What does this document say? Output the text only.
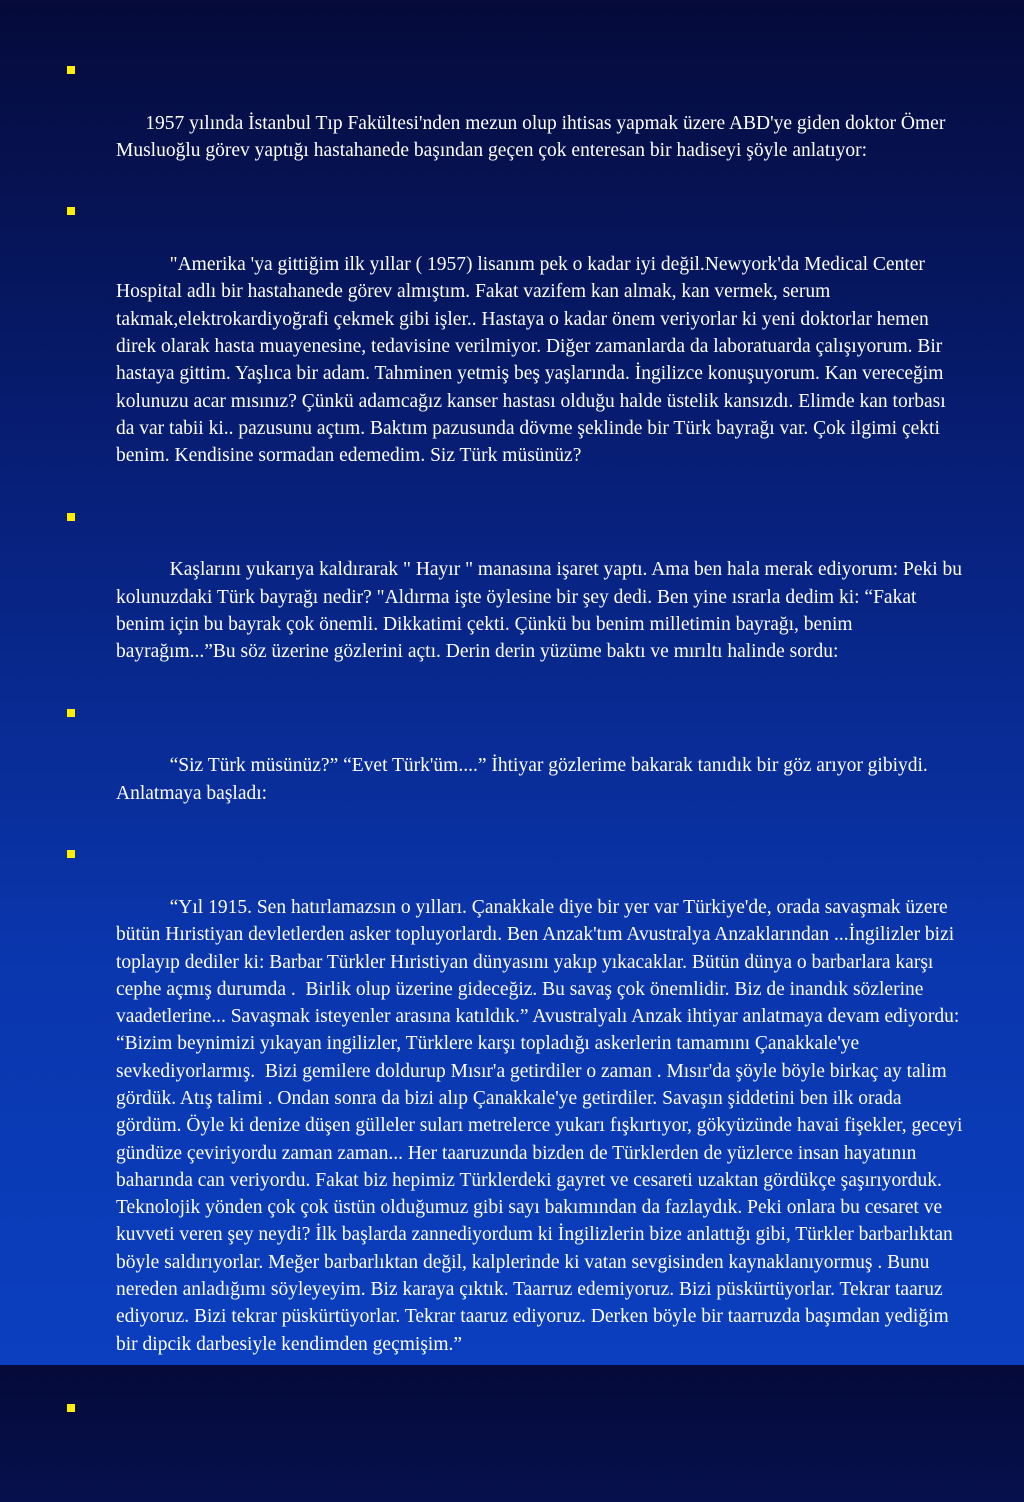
1957 yılında İstanbul Tıp Fakültesi'nden mezun olup ihtisas yapmak üzere ABD'ye giden doktor Ömer Musluoğlu görev yaptığı hastahanede başından geçen çok enteresan bir hadiseyi şöyle anlatıyor:

"Amerika 'ya gittiğim ilk yıllar ( 1957) lisanım pek o kadar iyi değil.Newyork'da Medical Center Hospital adlı bir hastahanede görev almıştım. Fakat vazifem kan almak, kan vermek, serum takmak,elektrokardiyoğrafi çekmek gibi işler.. Hastaya o kadar önem veriyorlar ki yeni doktorlar hemen direk olarak hasta muayenesine, tedavisine verilmiyor. Diğer zamanlarda da laboratuarda çalışıyorum. Bir hastaya gittim. Yaşlıca bir adam. Tahminen yetmiş beş yaşlarında. İngilizce konuşuyorum. Kan vereceğim kolunuzu acar mısınız? Çünkü adamcağız kanser hastası olduğu halde üstelik kansızdı. Elimde kan torbası da var tabii ki.. pazusunu açtım. Baktım pazusunda dövme şeklinde bir Türk bayrağı var. Çok ilgimi çekti benim. Kendisine sormadan edemedim. Siz Türk müsünüz?

Kaşlarını yukarıya kaldırarak " Hayır " manasına işaret yaptı. Ama ben hala merak ediyorum: Peki bu kolunuzdaki Türk bayrağı nedir? "Aldırma işte öylesine bir şey dedi. Ben yine ısrarla dedim ki: “Fakat benim için bu bayrak çok önemli. Dikkatimi çekti. Çünkü bu benim milletimin bayrağı, benim bayrağım...”Bu söz üzerine gözlerini açtı. Derin derin yüzüme baktı ve mırıltı halinde sordu:

“Siz Türk müsünüz?” “Evet Türk'üm....” İhtiyar gözlerime bakarak tanıdık bir göz arıyor gibiydi.  Anlatmaya başladı:

“Yıl 1915. Sen hatırlamazsın o yılları. Çanakkale diye bir yer var Türkiye'de, orada savaşmak üzere bütün Hıristiyan devletlerden asker topluyorlardı. Ben Anzak'tım Avustralya Anzaklarından ...İngilizler bizi toplayıp dediler ki: Barbar Türkler Hıristiyan dünyasını yakıp yıkacaklar. Bütün dünya o barbarlara karşı cephe açmış durumda .  Birlik olup üzerine gideceğiz. Bu savaş çok önemlidir. Biz de inandık sözlerine vaadetlerine... Savaşmak isteyenler arasına katıldık.” Avustralyalı Anzak ihtiyar anlatmaya devam ediyordu: “Bizim beynimizi yıkayan ingilizler, Türklere karşı topladığı askerlerin tamamını Çanakkale'ye sevkediyorlarmış.  Bizi gemilere doldurup Mısır'a getirdiler o zaman . Mısır'da şöyle böyle birkaç ay talim gördük. Atış talimi . Ondan sonra da bizi alıp Çanakkale'ye getirdiler. Savaşın şiddetini ben ilk orada gördüm. Öyle ki denize düşen gülleler suları metrelerce yukarı fışkırtıyor, gökyüzünde havai fişekler, geceyi gündüze çeviriyordu zaman zaman... Her taaruzunda bizden de Türklerden de yüzlerce insan hayatının baharında can veriyordu. Fakat biz hepimiz Türklerdeki gayret ve cesareti uzaktan gördükçe şaşırıyorduk. Teknolojik yönden çok çok üstün olduğumuz gibi sayı bakımından da fazlaydık. Peki onlara bu cesaret ve kuvveti veren şey neydi? İlk başlarda zannediyordum ki İngilizlerin bize anlattığı gibi, Türkler barbarlıktan böyle saldırıyorlar. Meğer barbarlıktan değil, kalplerinde ki vatan sevgisinden kaynaklanıyormuş . Bunu nereden anladığımı söyleyeyim. Biz karaya çıktık. Taarruz edemiyoruz. Bizi püskürtüyorlar. Tekrar taaruz ediyoruz. Bizi tekrar püskürtüyorlar. Tekrar taaruz ediyoruz. Derken böyle bir taarruzda başımdan yediğim bir dipcik darbesiyle kendimden geçmişim.”
